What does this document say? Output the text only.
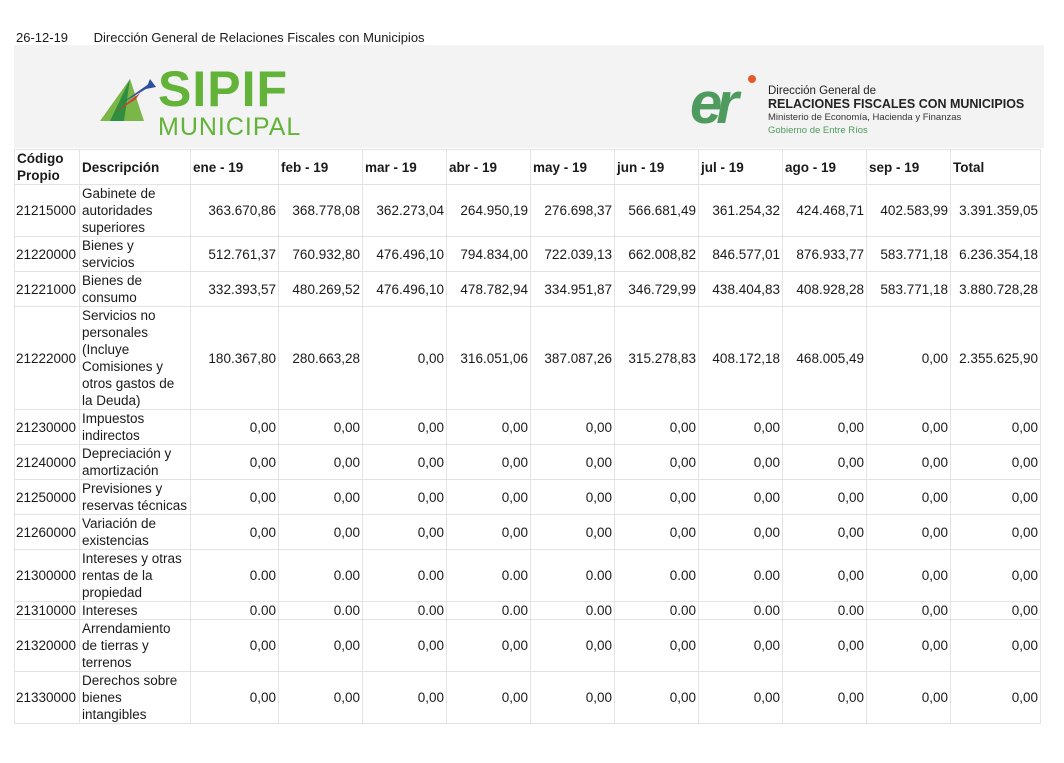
26-12-19 Dirección General de Relaciones Fiscales con Municipios
SIPIF
MUNICIPAL	er	Dirección General de
RELACIONES FISCALES CON MUNICIPIOS
Ministerio de Economía, Hacienda y Finanzas
Gobierno de Entre Ríos
Código Propio	Descripción	ene - 19	feb - 19	mar - 19	abr - 19	may - 19	jun - 19	jul - 19	ago - 19	sep - 19	Total
21215000	Gabinete de autoridades superiores	363.670,86	368.778,08	362.273,04	264.950,19	276.698,37	566.681,49	361.254,32	424.468,71	402.583,99	3.391.359,05
21220000	Bienes y servicios	512.761,37	760.932,80	476.496,10	794.834,00	722.039,13	662.008,82	846.577,01	876.933,77	583.771,18	6.236.354,18
21221000	Bienes de consumo	332.393,57	480.269,52	476.496,10	478.782,94	334.951,87	346.729,99	438.404,83	408.928,28	583.771,18	3.880.728,28
21222000	Servicios no personales (Incluye Comisiones y otros gastos de la Deuda)	180.367,80	280.663,28	0,00	316.051,06	387.087,26	315.278,83	408.172,18	468.005,49	0,00	2.355.625,90
21230000	Impuestos indirectos	0,00	0,00	0,00	0,00	0,00	0,00	0,00	0,00	0,00	0,00
21240000	Depreciación y amortización	0,00	0,00	0,00	0,00	0,00	0,00	0,00	0,00	0,00	0,00
21250000	Previsiones y reservas técnicas	0,00	0,00	0,00	0,00	0,00	0,00	0,00	0,00	0,00	0,00
21260000	Variación de existencias	0,00	0,00	0,00	0,00	0,00	0,00	0,00	0,00	0,00	0,00
21300000	Intereses y otras rentas de la propiedad	0.00	0.00	0.00	0.00	0.00	0.00	0.00	0,00	0,00	0,00
21310000	Intereses	0.00	0.00	0.00	0.00	0.00	0.00	0.00	0.00	0,00	0,00
21320000	Arrendamiento de tierras y terrenos	0,00	0,00	0,00	0,00	0,00	0,00	0,00	0,00	0,00	0,00
21330000	Derechos sobre bienes intangibles	0,00	0,00	0,00	0,00	0,00	0,00	0,00	0,00	0,00	0,00
